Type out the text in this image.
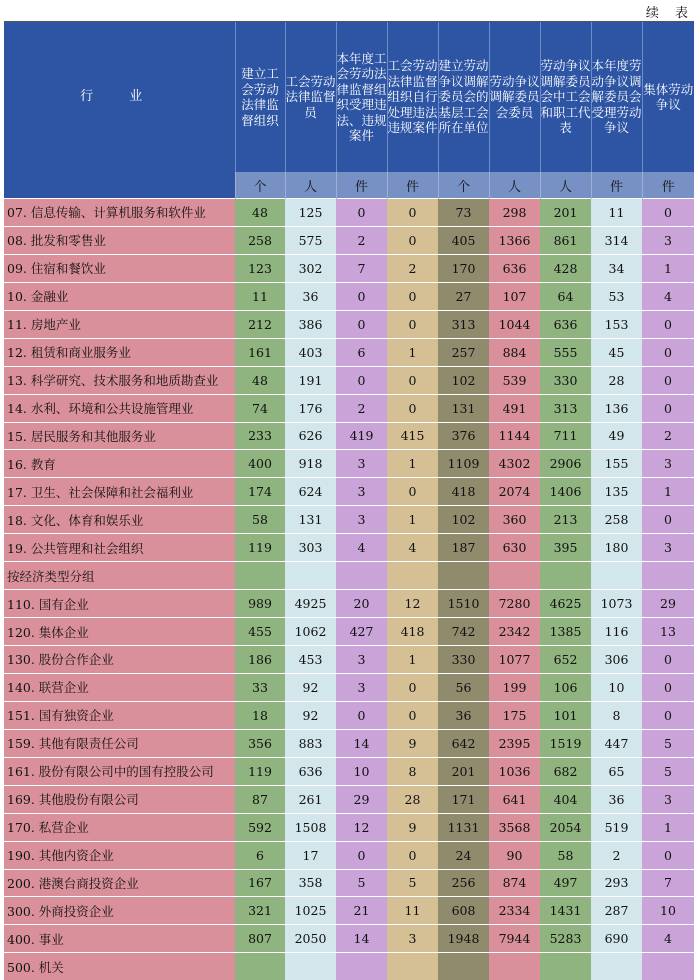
续 表
行 业	建立工会劳动法律监督组织	工会劳动法律监督员	本年度工会劳动法律监督组织受理违法、违规案件	工会劳动法律监督组织自行处理违法违规案件	建立劳动争议调解委员会的基层工会所在单位	劳动争议调解委员会委员	劳动争议调解委员会中工会和职工代表	本年度劳动争议调解委员会受理劳动争议	集体劳动争议
	个	人	件	件	个	人	人	件	件
07. 信息传输、计算机服务和软件业	48	125	0	0	73	298	201	11	0
08. 批发和零售业	258	575	2	0	405	1366	861	314	3
09. 住宿和餐饮业	123	302	7	2	170	636	428	34	1
10. 金融业	11	36	0	0	27	107	64	53	4
11. 房地产业	212	386	0	0	313	1044	636	153	0
12. 租赁和商业服务业	161	403	6	1	257	884	555	45	0
13. 科学研究、技术服务和地质勘查业	48	191	0	0	102	539	330	28	0
14. 水利、环境和公共设施管理业	74	176	2	0	131	491	313	136	0
15. 居民服务和其他服务业	233	626	419	415	376	1144	711	49	2
16. 教育	400	918	3	1	1109	4302	2906	155	3
17. 卫生、社会保障和社会福利业	174	624	3	0	418	2074	1406	135	1
18. 文化、体育和娱乐业	58	131	3	1	102	360	213	258	0
19. 公共管理和社会组织	119	303	4	4	187	630	395	180	3
按经济类型分组									
110. 国有企业	989	4925	20	12	1510	7280	4625	1073	29
120. 集体企业	455	1062	427	418	742	2342	1385	116	13
130. 股份合作企业	186	453	3	1	330	1077	652	306	0
140. 联营企业	33	92	3	0	56	199	106	10	0
151. 国有独资企业	18	92	0	0	36	175	101	8	0
159. 其他有限责任公司	356	883	14	9	642	2395	1519	447	5
161. 股份有限公司中的国有控股公司	119	636	10	8	201	1036	682	65	5
169. 其他股份有限公司	87	261	29	28	171	641	404	36	3
170. 私营企业	592	1508	12	9	1131	3568	2054	519	1
190. 其他内资企业	6	17	0	0	24	90	58	2	0
200. 港澳台商投资企业	167	358	5	5	256	874	497	293	7
300. 外商投资企业	321	1025	21	11	608	2334	1431	287	10
400. 事业	807	2050	14	3	1948	7944	5283	690	4
500. 机关									
